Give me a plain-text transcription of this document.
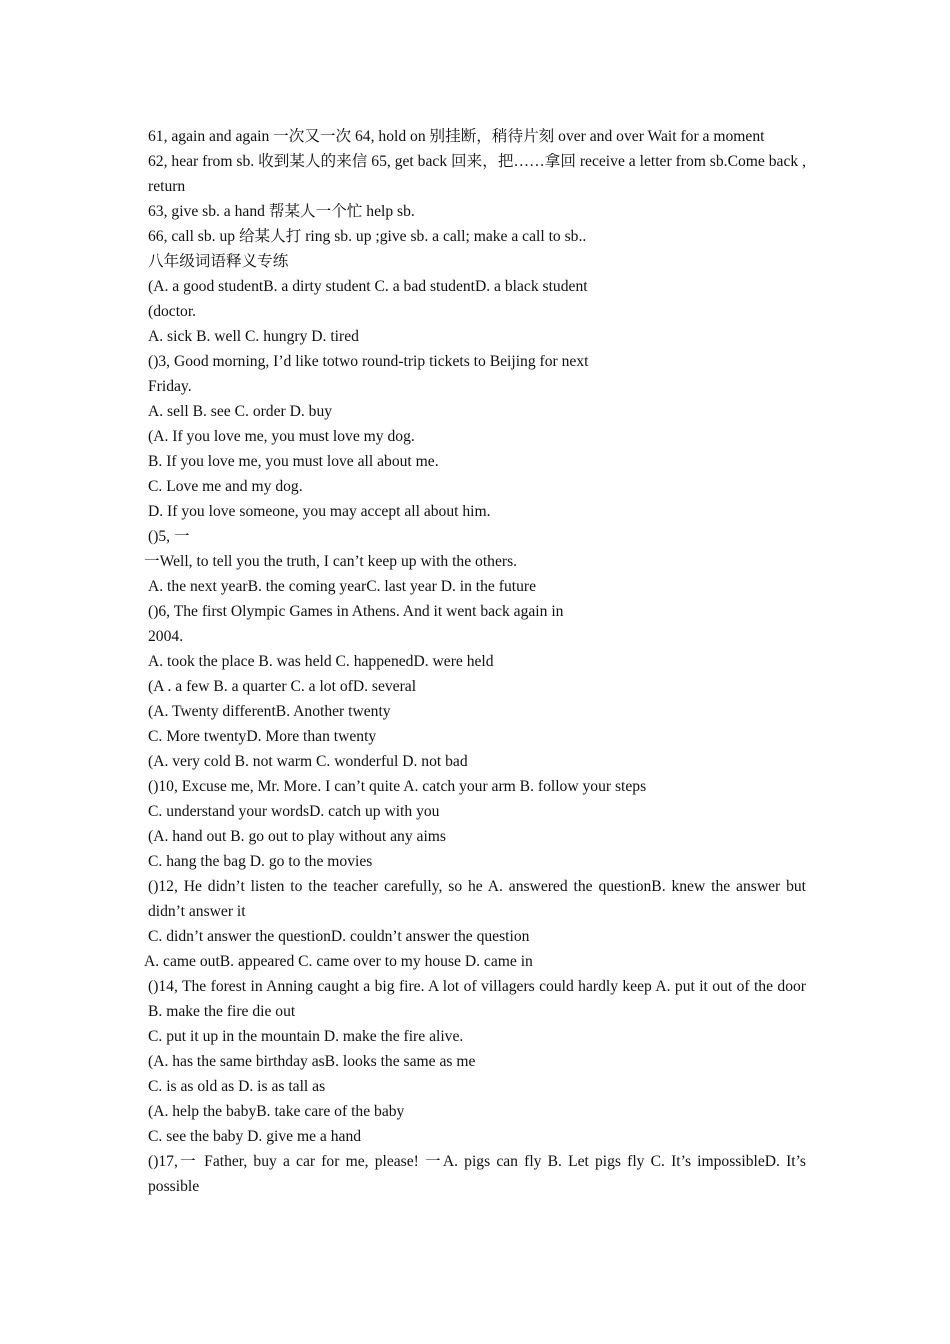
61, again and again 一次又一次 64, hold on 别挂断，稍待片刻 over and over Wait for a moment
62, hear from sb. 收到某人的来信 65, get back 回来，把……拿回 receive a letter from sb.Come back , return
63, give sb. a hand 帮某人一个忙 help sb.
66, call sb. up 给某人打 ring sb. up ;give sb. a call; make a call to sb..
八年级词语释义专练
(A. a good studentB. a dirty student C. a bad studentD. a black student
(doctor.
A. sick B. well C. hungry D. tired
()3, Good morning, I’d like totwo round-trip tickets to Beijing for next
Friday.
A. sell B. see C. order D. buy
(A. If you love me, you must love my dog.
B. If you love me, you must love all about me.
C. Love me and my dog.
D. If you love someone, you may accept all about him.
()5, 一
一Well, to tell you the truth, I can’t keep up with the others.
A. the next yearB. the coming yearC. last year D. in the future
()6, The first Olympic Games in Athens. And it went back again in
2004.
A. took the place B. was held C. happenedD. were held
(A . a few B. a quarter C. a lot ofD. several
(A. Twenty differentB. Another twenty
C. More twentyD. More than twenty
(A. very cold B. not warm C. wonderful D. not bad
()10, Excuse me, Mr. More. I can’t quite A. catch your arm B. follow your steps
C. understand your wordsD. catch up with you
(A. hand out B. go out to play without any aims
C. hang the bag D. go to the movies
()12, He didn’t listen to the teacher carefully, so he A. answered the questionB. knew the answer but didn’t answer it
C. didn’t answer the questionD. couldn’t answer the question
A. came outB. appeared C. came over to my house D. came in
()14, The forest in Anning caught a big fire. A lot of villagers could hardly keep A. put it out of the door B. make the fire die out
C. put it up in the mountain D. make the fire alive.
(A. has the same birthday asB. looks the same as me
C. is as old as D. is as tall as
(A. help the babyB. take care of the baby
C. see the baby D. give me a hand
()17,一 Father, buy a car for me, please! 一A. pigs can fly B. Let pigs fly C. It’s impossibleD. It’s possible
